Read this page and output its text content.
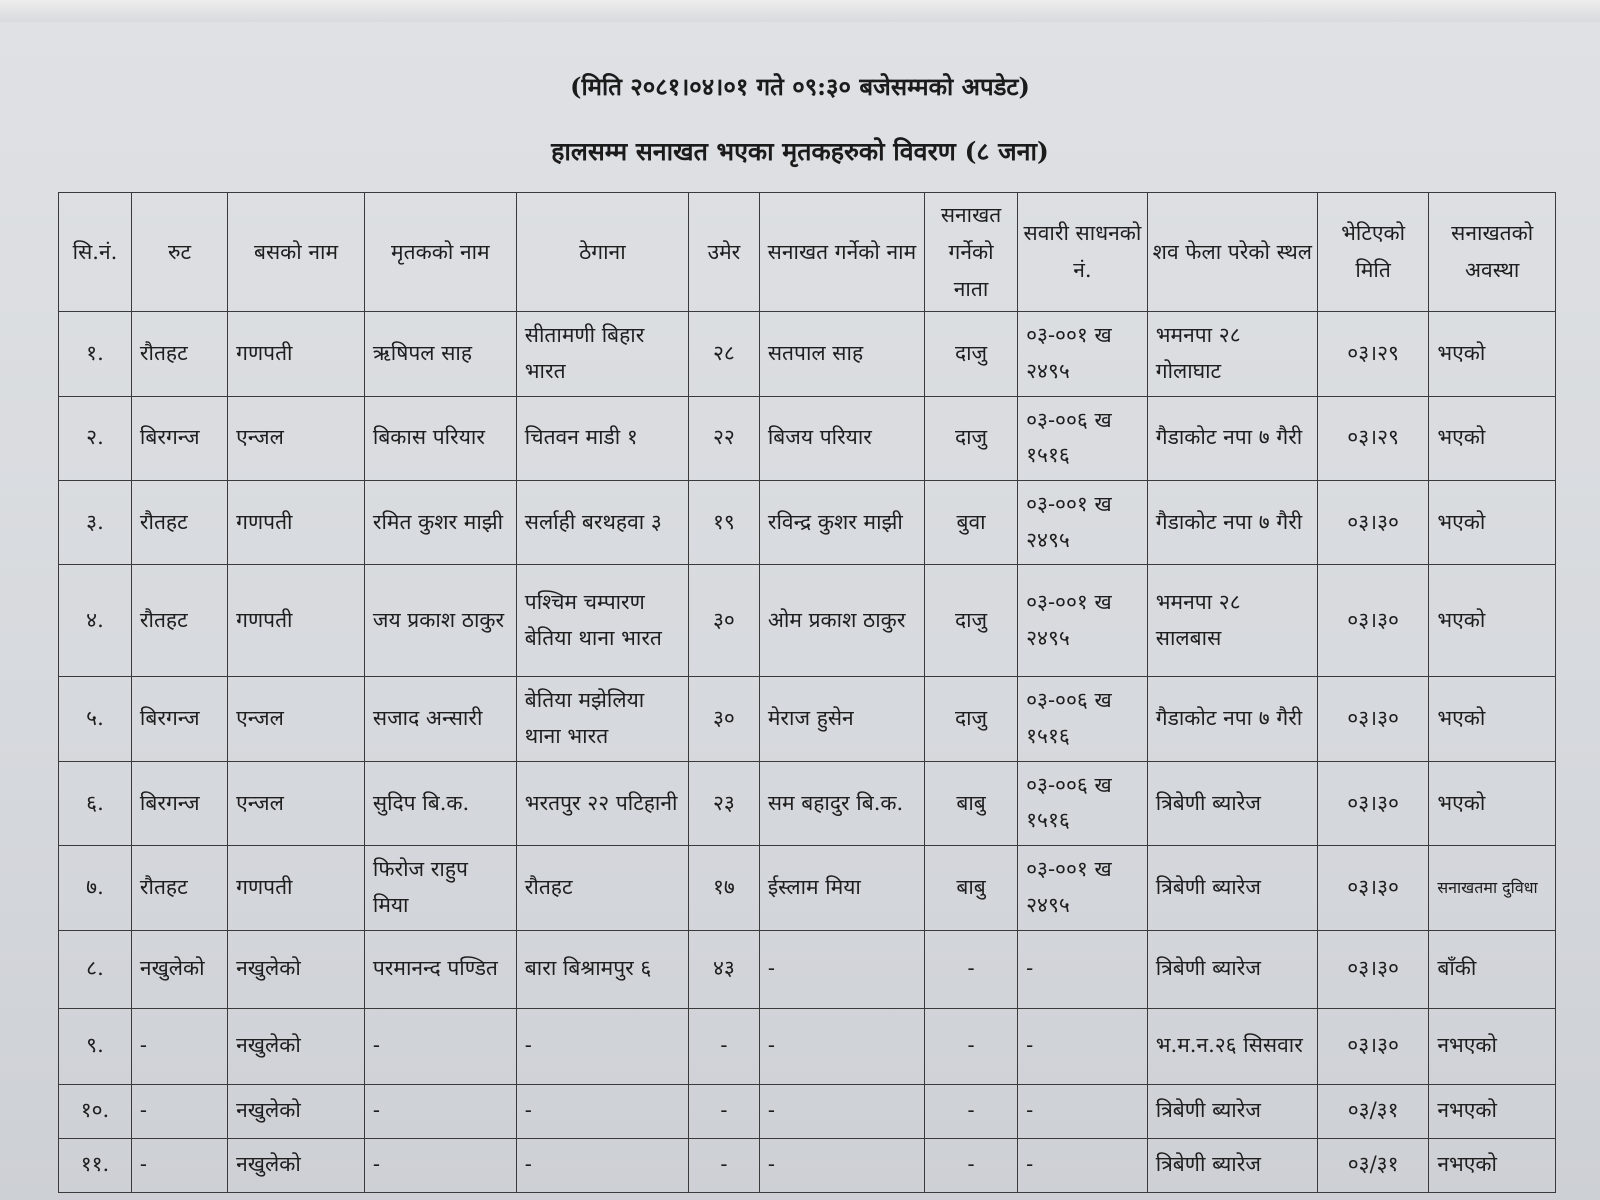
(मिति २०८१।०४।०१ गते ०९:३० बजेसम्मको अपडेट)
हालसम्म सनाखत भएका मृतकहरुको विवरण (८ जना)
सि.नं.	रुट	बसको नाम	मृतकको नाम	ठेगाना	उमेर	सनाखत गर्नेको नाम	सनाखत गर्नेको नाता	सवारी साधनको नं.	शव फेला परेको स्थल	भेटिएको मिति	सनाखतको अवस्था
१.	रौतहट	गणपती	ऋषिपल साह	सीतामणी बिहार भारत	२८	सतपाल साह	दाजु	०३-००१ ख २४९५	भमनपा २८ गोलाघाट	०३।२९	भएको
२.	बिरगन्ज	एन्जल	बिकास परियार	चितवन माडी १	२२	बिजय परियार	दाजु	०३-००६ ख १५१६	गैडाकोट नपा ७ गैरी	०३।२९	भएको
३.	रौतहट	गणपती	रमित कुशर माझी	सर्लाही बरथहवा ३	१९	रविन्द्र कुशर माझी	बुवा	०३-००१ ख २४९५	गैडाकोट नपा ७ गैरी	०३।३०	भएको
४.	रौतहट	गणपती	जय प्रकाश ठाकुर	पश्चिम चम्पारण बेतिया थाना भारत	३०	ओम प्रकाश ठाकुर	दाजु	०३-००१ ख २४९५	भमनपा २८ सालबास	०३।३०	भएको
५.	बिरगन्ज	एन्जल	सजाद अन्सारी	बेतिया मझेलिया थाना भारत	३०	मेराज हुसेन	दाजु	०३-००६ ख १५१६	गैडाकोट नपा ७ गैरी	०३।३०	भएको
६.	बिरगन्ज	एन्जल	सुदिप बि.क.	भरतपुर २२ पटिहानी	२३	सम बहादुर बि.क.	बाबु	०३-००६ ख १५१६	त्रिबेणी ब्यारेज	०३।३०	भएको
७.	रौतहट	गणपती	फिरोज राहुप मिया	रौतहट	१७	ईस्लाम मिया	बाबु	०३-००१ ख २४९५	त्रिबेणी ब्यारेज	०३।३०	सनाखतमा दुविधा
८.	नखुलेको	नखुलेको	परमानन्द पण्डित	बारा बिश्रामपुर ६	४३	-	-	-	त्रिबेणी ब्यारेज	०३।३०	बाँकी
९.	-	नखुलेको	-	-	-	-	-	-	भ.म.न.२६ सिसवार	०३।३०	नभएको
१०.	-	नखुलेको	-	-	-	-	-	-	त्रिबेणी ब्यारेज	०३/३१	नभएको
११.	-	नखुलेको	-	-	-	-	-	-	त्रिबेणी ब्यारेज	०३/३१	नभएको
